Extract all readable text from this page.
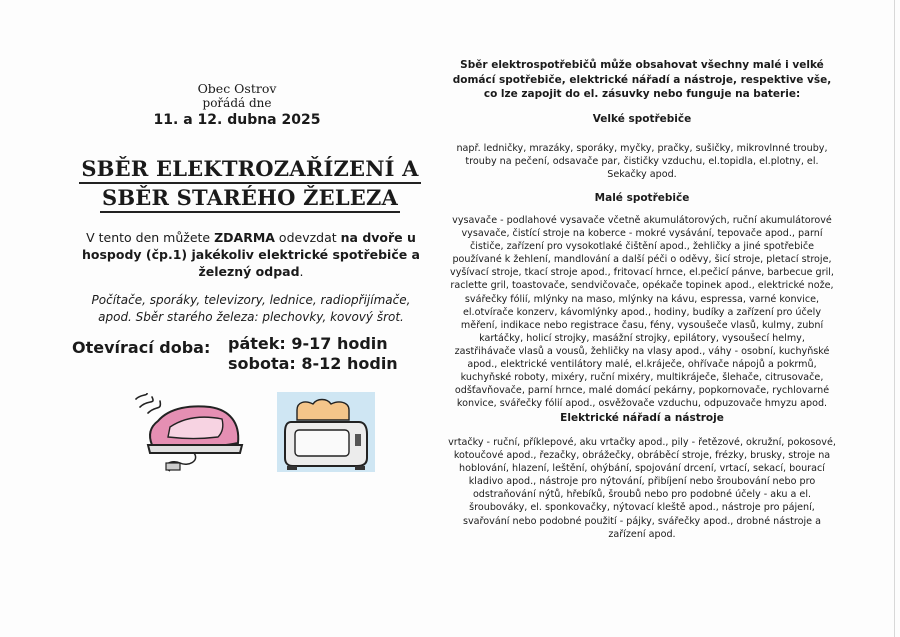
Obec Ostrov
pořádá dne
11. a 12. dubna 2025
SBĚR ELEKTROZAŘÍZENÍ A
SBĚR STARÉHO ŽELEZA
V tento den můžete ZDARMA odevzdat na dvoře u hospody (čp.1) jakékoliv elektrické spotřebiče a železný odpad.
Počítače, sporáky, televizory, lednice, radiopřijímače, apod. Sběr starého železa: plechovky, kovový šrot.
Otevírací doba: pátek: 9-17 hodin
sobota: 8-12 hodin
Sběr elektrospotřebičů může obsahovat všechny malé i velké domácí spotřebiče, elektrické nářadí a nástroje, respektive vše, co lze zapojit do el. zásuvky nebo funguje na baterie:
Velké spotřebiče
např. ledničky, mrazáky, sporáky, myčky, pračky, sušičky, mikrovlnné trouby, trouby na pečení, odsavače par, čističky vzduchu, el.topidla, el.plotny, el. Sekačky apod.
Malé spotřebiče
vysavače - podlahové vysavače včetně akumulátorových, ruční akumulátorové vysavače, čistící stroje na koberce - mokré vysávání, tepovače apod., parní čističe, zařízení pro vysokotlaké čištění apod., žehličky a jiné spotřebiče používané k žehlení, mandlování a další péči o oděvy, šicí stroje, pletací stroje, vyšívací stroje, tkací stroje apod., fritovací hrnce, el.pečicí pánve, barbecue gril, raclette gril, toastovače, sendvičovače, opékače topinek apod., elektrické nože, svářečky fólií, mlýnky na maso, mlýnky na kávu, espressa, varné konvice, el.otvírače konzerv, kávomlýnky apod., hodiny, budíky a zařízení pro účely měření, indikace nebo registrace času, fény, vysoušeče vlasů, kulmy, zubní kartáčky, holicí strojky, masážní strojky, epilátory, vysoušecí helmy, zastřihávače vlasů a vousů, žehličky na vlasy apod., váhy - osobní, kuchyňské apod., elektrické ventilátory malé, el.kráječe, ohřívače nápojů a pokrmů, kuchyňské roboty, mixéry, ruční mixéry, multikráječe, šlehače, citrusovače, odšťavňovače, parní hrnce, malé domácí pekárny, popkornovače, rychlovarné konvice, svářečky fólií apod., osvěžovače vzduchu, odpuzovače hmyzu apod.
Elektrické nářadí a nástroje
vrtačky - ruční, příklepové, aku vrtačky apod., pily - řetězové, okružní, pokosové, kotoučové apod., řezačky, obrážečky, obráběcí stroje, frézky, brusky, stroje na hoblování, hlazení, leštění, ohýbání, spojování drcení, vrtací, sekací, bourací kladivo apod., nástroje pro nýtování, přibíjení nebo šroubování nebo pro odstraňování nýtů, hřebíků, šroubů nebo pro podobné účely - aku a el. šroubováky, el. sponkovačky, nýtovací kleště apod., nástroje pro pájení, svařování nebo podobné použití - pájky, svářečky apod., drobné nástroje a zařízení apod.
